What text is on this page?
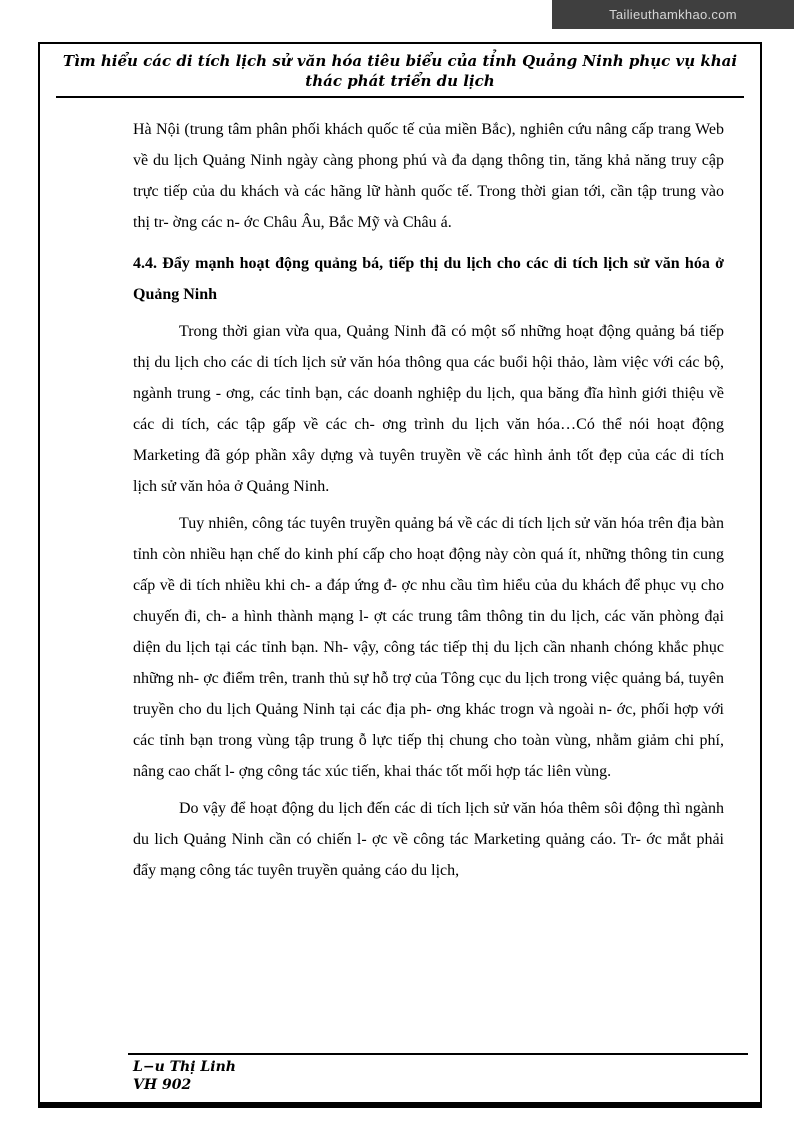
Tailieuthamkhao.com
Tìm hiểu các di tích lịch sử văn hóa tiêu biểu của tỉnh Quảng Ninh phục vụ khai
thác phát triển du lịch

Hà Nội (trung tâm phân phối khách quốc tế của miền Bắc), nghiên cứu nâng cấp trang Web về du lịch Quảng Ninh ngày càng phong phú và đa dạng thông tin, tăng khả năng truy cập trực tiếp của du khách và các hãng lữ hành quốc tế. Trong thời gian tới, cần tập trung vào thị tr- ờng các n- ớc Châu Âu, Bắc Mỹ và Châu á.

4.4. Đẩy mạnh hoạt động quảng bá, tiếp thị du lịch cho các di tích lịch sử văn hóa ở Quảng Ninh

Trong thời gian vừa qua, Quảng Ninh đã có một số những hoạt động quảng bá tiếp thị du lịch cho các di tích lịch sử văn hóa thông qua các buổi hội thảo, làm việc với các bộ, ngành trung - ơng, các tỉnh bạn, các doanh nghiệp du lịch, qua băng đĩa hình giới thiệu về các di tích, các tập gấp về các ch- ơng trình du lịch văn hóa…Có thể nói hoạt động Marketing đã góp phần xây dựng và tuyên truyền về các hình ảnh tốt đẹp của các di tích lịch sử văn hỏa ở Quảng Ninh.

Tuy nhiên, công tác tuyên truyền quảng bá về các di tích lịch sử văn hóa trên địa bàn tỉnh còn nhiều hạn chế do kinh phí cấp cho hoạt động này còn quá ít, những thông tin cung cấp về di tích nhiều khi ch- a đáp ứng đ- ợc nhu cầu tìm hiểu của du khách để phục vụ cho chuyến đi, ch- a hình thành mạng l- ợt các trung tâm thông tin du lịch, các văn phòng đại diện du lịch tại các tỉnh bạn. Nh- vậy, công tác tiếp thị du lịch cần nhanh chóng khắc phục những nh- ợc điểm trên, tranh thủ sự hỗ trợ của Tông cục du lịch trong việc quảng bá, tuyên truyền cho du lịch Quảng Ninh tại các địa ph- ơng khác trogn và ngoài n- ớc, phối hợp với các tỉnh bạn trong vùng tập trung ỗ lực tiếp thị chung cho toàn vùng, nhằm giảm chi phí, nâng cao chất l- ợng công tác xúc tiến, khai thác tốt mối hợp tác liên vùng.

Do vậy để hoạt động du lịch đến các di tích lịch sử văn hóa thêm sôi động thì ngành du lich Quảng Ninh cần có chiến l- ợc về công tác Marketing quảng cáo. Tr- ớc mắt phải đẩy mạng công tác tuyên truyền quảng cáo du lịch,

L−u Thị Linh
VH 902
